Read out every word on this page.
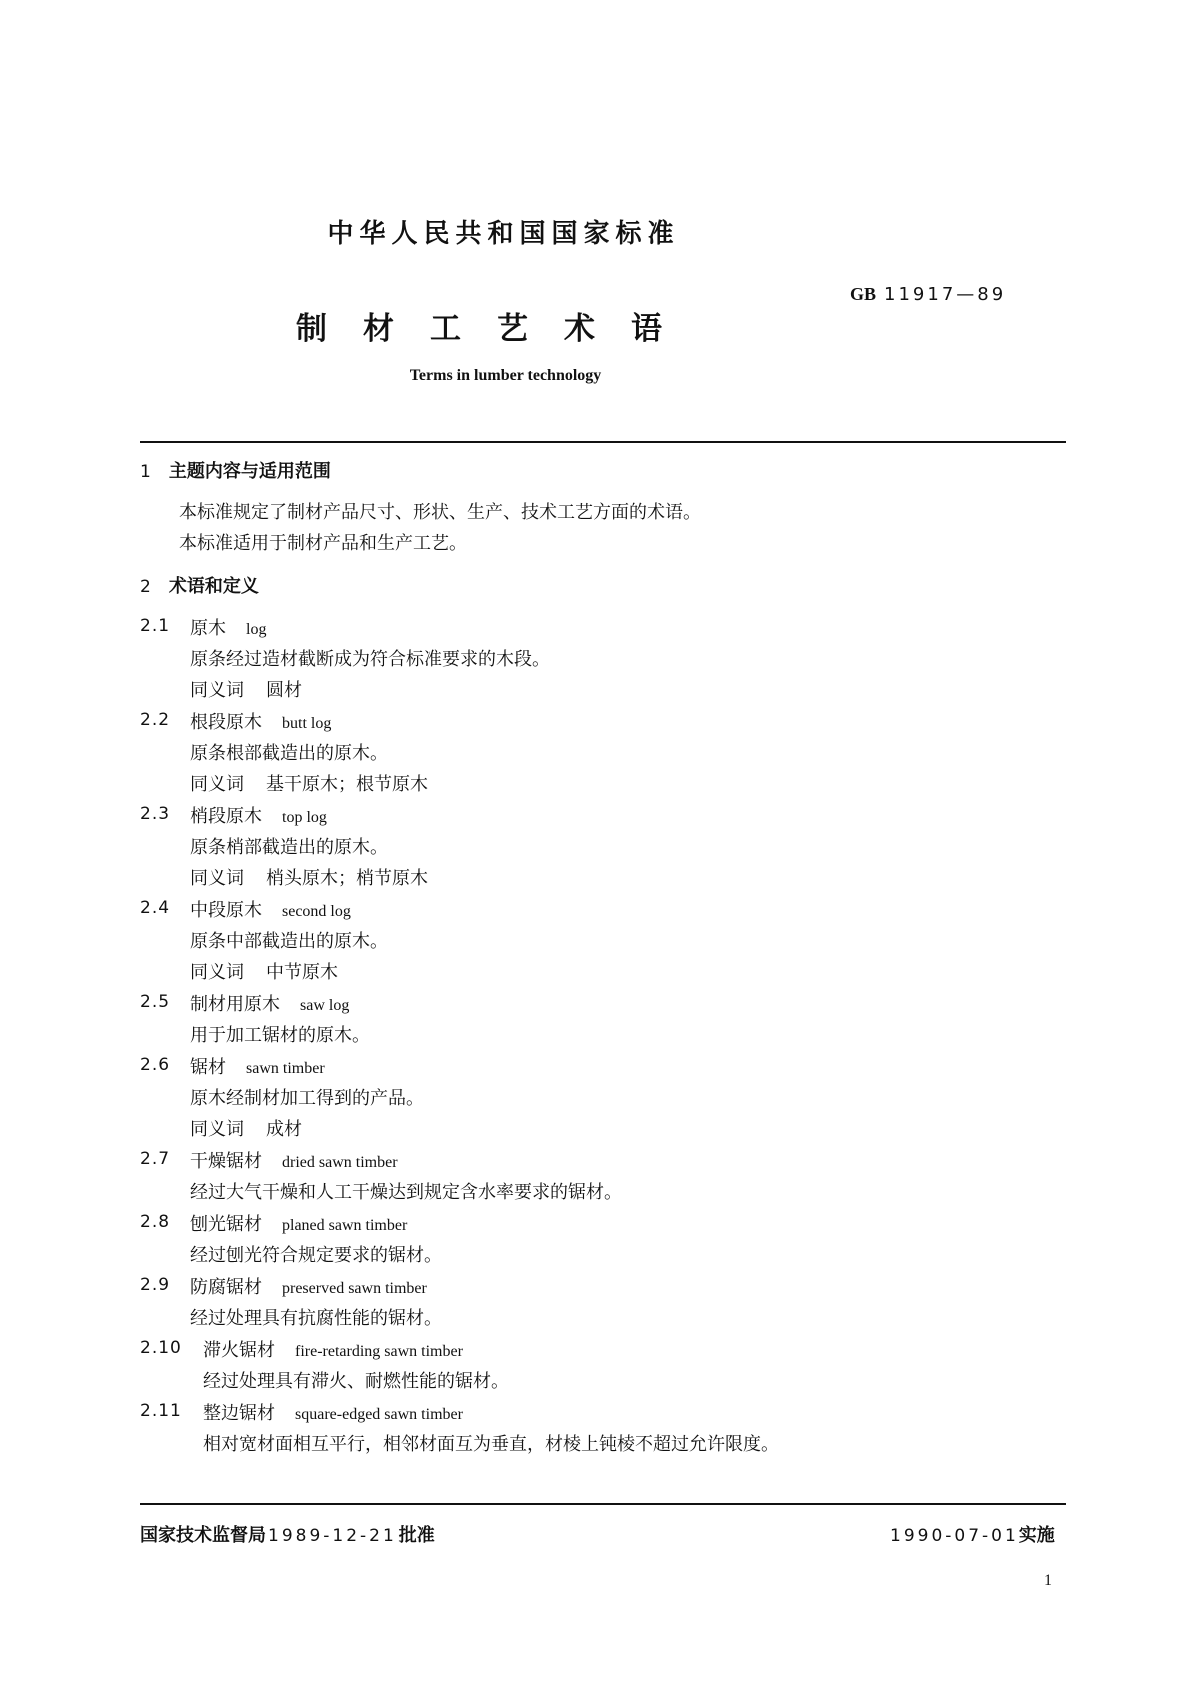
中华人民共和国国家标准
GB 11917—89
制材工艺术语
Terms in lumber technology
1 主题内容与适用范围
本标准规定了制材产品尺寸、形状、生产、技术工艺方面的术语。
本标准适用于制材产品和生产工艺。
2 术语和定义
2.1 原木 log
原条经过造材截断成为符合标准要求的木段。
同义词 圆材
2.2 根段原木 butt log
原条根部截造出的原木。
同义词 基干原木；根节原木
2.3 梢段原木 top log
原条梢部截造出的原木。
同义词 梢头原木；梢节原木
2.4 中段原木 second log
原条中部截造出的原木。
同义词 中节原木
2.5 制材用原木 saw log
用于加工锯材的原木。
2.6 锯材 sawn timber
原木经制材加工得到的产品。
同义词 成材
2.7 干燥锯材 dried sawn timber
经过大气干燥和人工干燥达到规定含水率要求的锯材。
2.8 刨光锯材 planed sawn timber
经过刨光符合规定要求的锯材。
2.9 防腐锯材 preserved sawn timber
经过处理具有抗腐性能的锯材。
2.10 滞火锯材 fire-retarding sawn timber
经过处理具有滞火、耐燃性能的锯材。
2.11 整边锯材 square-edged sawn timber
相对宽材面相互平行，相邻材面互为垂直，材棱上钝棱不超过允许限度。
国家技术监督局 1989-12-21 批准	1990-07-01实施
1
